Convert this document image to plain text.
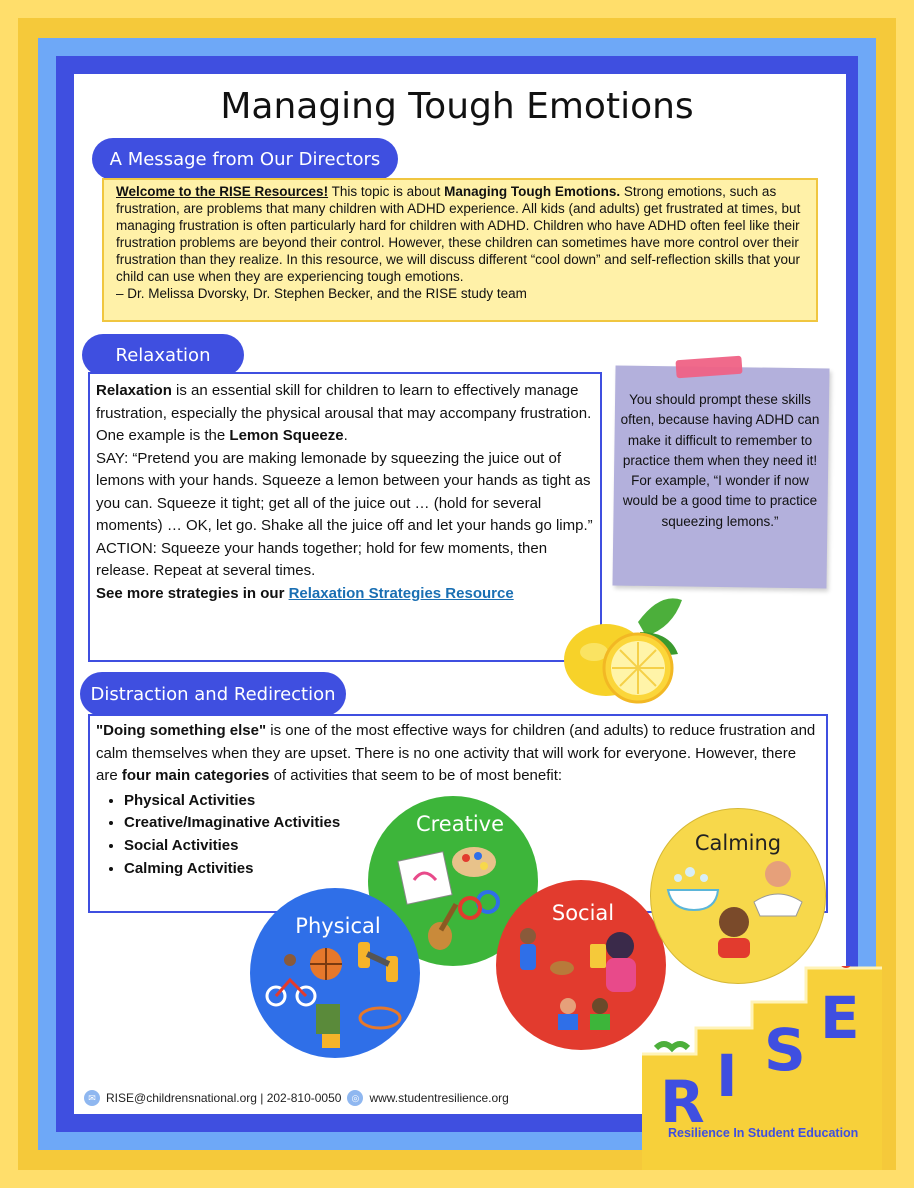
Managing Tough Emotions
A Message from Our Directors
Welcome to the RISE Resources! This topic is about Managing Tough Emotions. Strong emotions, such as frustration, are problems that many children with ADHD experience. All kids (and adults) get frustrated at times, but managing frustration is often particularly hard for children with ADHD. Children who have ADHD often feel like their frustration problems are beyond their control. However, these children can sometimes have more control over their frustration than they realize. In this resource, we will discuss different “cool down” and self-reflection skills that your child can use when they are experiencing tough emotions.
– Dr. Melissa Dvorsky, Dr. Stephen Becker, and the RISE study team
Relaxation
Relaxation is an essential skill for children to learn to effectively manage frustration, especially the physical arousal that may accompany frustration.
One example is the Lemon Squeeze.
SAY: “Pretend you are making lemonade by squeezing the juice out of lemons with your hands. Squeeze a lemon between your hands as tight as you can. Squeeze it tight; get all of the juice out … (hold for several moments) … OK, let go. Shake all the juice off and let your hands go limp.”
ACTION: Squeeze your hands together; hold for few moments, then release. Repeat at several times.
See more strategies in our Relaxation Strategies Resource
You should prompt these skills often, because having ADHD can make it difficult to remember to practice them when they need it! For example, “I wonder if now would be a good time to practice squeezing lemons.”
Distraction and Redirection
"Doing something else" is one of the most effective ways for children (and adults) to reduce frustration and calm themselves when they are upset. There is no one activity that will work for everyone. However, there are four main categories of activities that seem to be of most benefit:
• Physical Activities
• Creative/Imaginative Activities
• Social Activities
• Calming Activities
Creative
Physical
Social
Calming
✉ RISE@childrensnational.org | 202-810-0050	◎ www.studentresilience.org	R I S E
Resilience In Student Education
